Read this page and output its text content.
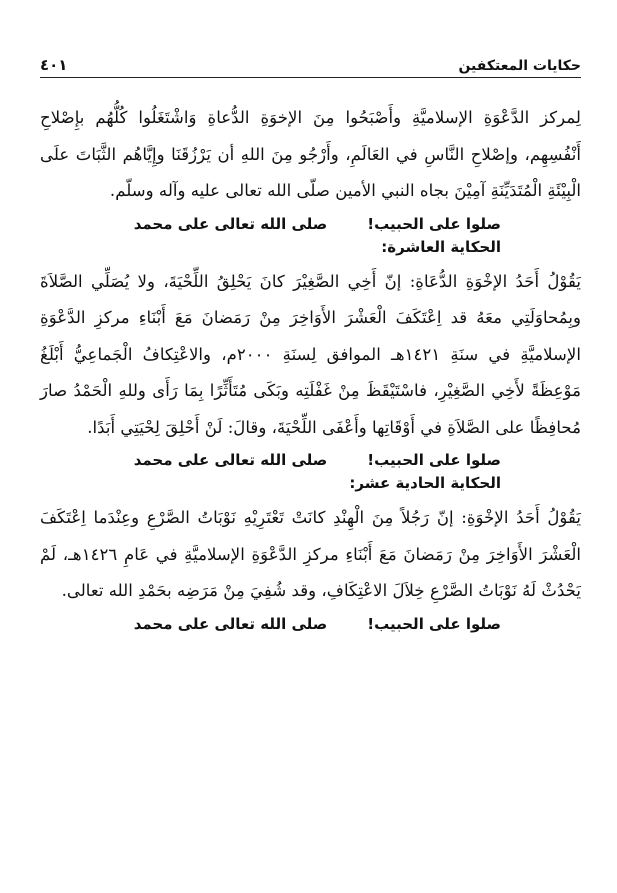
حكايات المعتكفين
٤٠١

لِمركز الدَّعْوَةِ الإسلاميَّةِ وأَصْبَحُوا مِنَ الإخوَةِ الدُّعاةِ وَاشْتَغَلُوا كُلُّهُم بإِصْلاحِ أَنْفُسِهِم، وإصْلاحِ النَّاسِ في العَالَمِ، وأَرْجُو مِنَ اللهِ أن يَرْزُقَنَا وإِيَّاهُم الثَّبَاتَ علَى الْبِيْئَةِ الْمُتَدَيِّنَةِ آمِيْنَ بجاه النبي الأمين صلّى الله تعالى عليه وآله وسلّم.

صلوا على الحبيب!
صلى الله تعالى على محمد
الحكاية العاشرة:

يَقُوْلُ أَحَدُ الإخْوَةِ الدُّعَاةِ: إنّ أَخِي الصَّغِيْرَ كانَ يَحْلِقُ اللِّحْيَةَ، ولا يُصَلِّي الصَّلاَةَ وبِمُحاوَلَتِي معَهُ قد اِعْتَكَفَ الْعَشْرَ الأَوَاخِرَ مِنْ رَمَضانَ مَعَ أَبْنَاءِ مركزِ الدَّعْوَةِ الإسلاميَّةِ في سنَةِ ١٤٢١هـ الموافق لِسنَةِ ٢٠٠٠م، والاعْتِكافُ الْجَماعِيُّ أَبْلَغُ مَوْعِظَةً لأَخِي الصَّغِيْرِ، فاسْتَيْقَظَ مِنْ غَفْلَتِه وبَكَى مُتَأَثِّرًا بِمَا رَأَى وللهِ الْحَمْدُ صارَ مُحافِظًا على الصَّلاَةِ في أَوْقَاتِها وأَعْفَى اللِّحْيَةَ، وقالَ: لَنْ أَحْلِقَ لِحْيَتِي أَبَدًا.

صلوا على الحبيب!
صلى الله تعالى على محمد
الحكاية الحادية عشر:

يَقُوْلُ أَحَدُ الإخْوَةِ: إنّ رَجُلاً مِنَ الْهِنْدِ كانَتْ تَعْتَرِيْهِ نَوْبَاتُ الصَّرْعِ وعِنْدَما اِعْتَكَفَ الْعَشْرَ الأَوَاخِرَ مِنْ رَمَضانَ مَعَ أَبْنَاءِ مركزِ الدَّعْوَةِ الإسلاميَّةِ في عَامِ ١٤٢٦هـ، لَمْ يَحْدُثْ لَهُ نَوْبَاتُ الصَّرْعِ خِلاَلَ الاعْتِكَافِ، وقد شُفِيَ مِنْ مَرَضِه بحَمْدِ الله تعالى.

صلوا على الحبيب!
صلى الله تعالى على محمد
